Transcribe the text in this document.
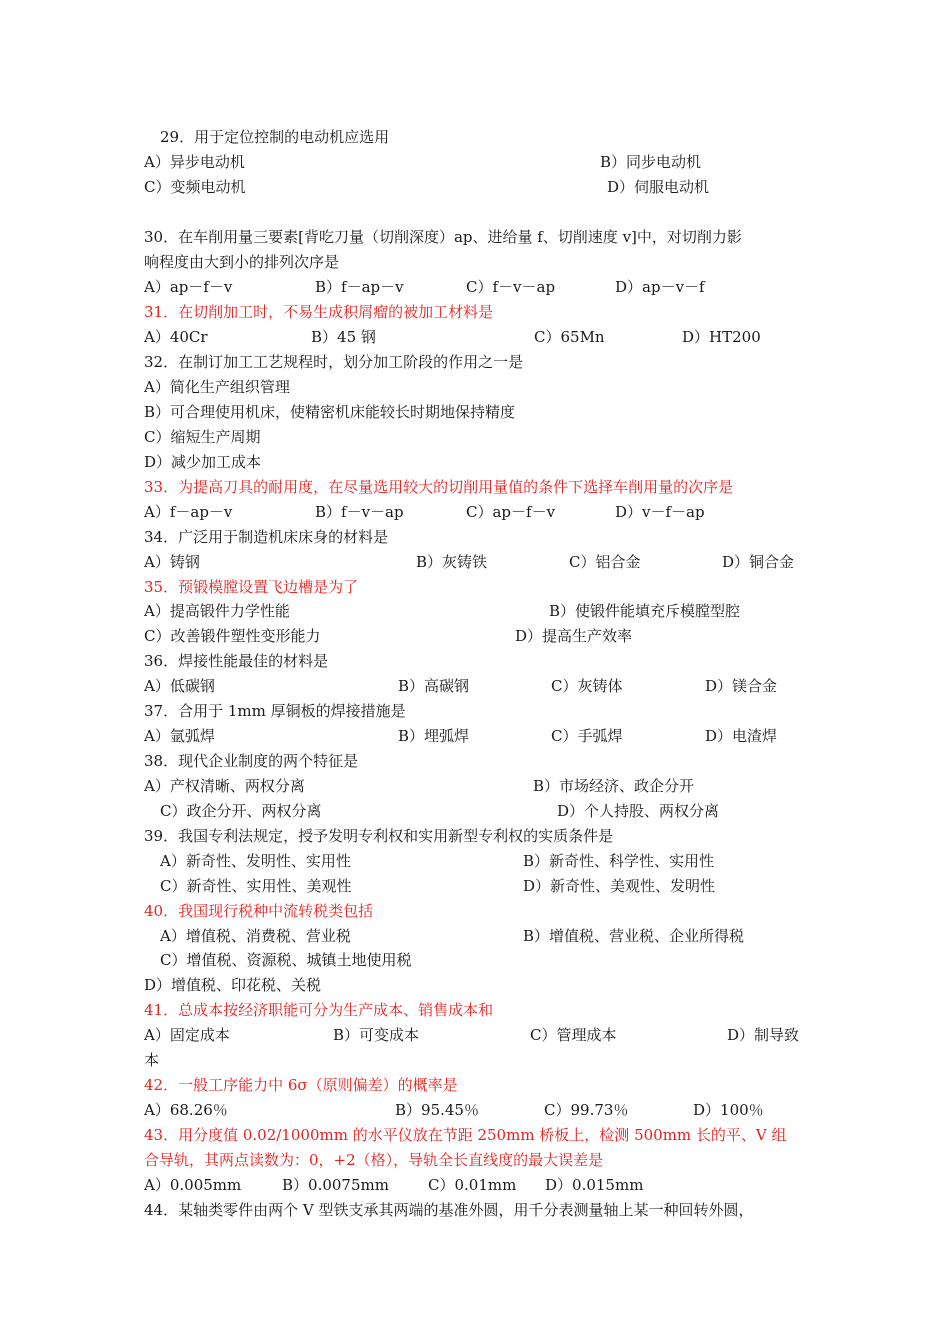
29．用于定位控制的电动机应选用
A）异步电动机	B）同步电动机
C）变频电动机	D）伺服电动机
30．在车削用量三要素[背吃刀量（切削深度）ap、进给量 f、切削速度 v]中，对切削力影
响程度由大到小的排列次序是
A）ap－f－v	B）f－ap－v	C）f－v－ap	D）ap－v－f
31．在切削加工时，不易生成积屑瘤的被加工材料是
A）40Cr	B）45 钢	C）65Mn	D）HT200
32．在制订加工工艺规程时，划分加工阶段的作用之一是
A）简化生产组织管理
B）可合理使用机床，使精密机床能较长时期地保持精度
C）缩短生产周期
D）减少加工成本
33．为提高刀具的耐用度，在尽量选用较大的切削用量值的条件下选择车削用量的次序是
A）f－ap－v	B）f－v－ap	C）ap－f－v	D）v－f－ap
34．广泛用于制造机床床身的材料是
A）铸钢	B）灰铸铁	C）铝合金	D）铜合金
35．预锻模膛设置飞边槽是为了
A）提高锻件力学性能	B）使锻件能填充斥模膛型腔
C）改善锻件塑性变形能力	D）提高生产效率
36．焊接性能最佳的材料是
A）低碳钢	B）高碳钢	C）灰铸体	D）镁合金
37．合用于 1mm 厚铜板的焊接措施是
A）氩弧焊	B）埋弧焊	C）手弧焊	D）电渣焊
38．现代企业制度的两个特征是
A）产权清晰、两权分离	B）市场经济、政企分开
C）政企分开、两权分离	D）个人持股、两权分离
39．我国专利法规定，授予发明专利权和实用新型专利权的实质条件是
A）新奇性、发明性、实用性	B）新奇性、科学性、实用性
C）新奇性、实用性、美观性	D）新奇性、美观性、发明性
40．我国现行税种中流转税类包括
A）增值税、消费税、营业税	B）增值税、营业税、企业所得税
C）增值税、资源税、城镇土地使用税
D）增值税、印花税、关税
41．总成本按经济职能可分为生产成本、销售成本和
A）固定成本	B）可变成本	C）管理成本	D）制导致
本
42．一般工序能力中 6σ（原则偏差）的概率是
A）68.26％	B）95.45％	C）99.73％	D）100％
43．用分度值 0.02/1000mm 的水平仪放在节距 250mm 桥板上，检测 500mm 长的平、V 组
合导轨，其两点读数为：0，+2（格），导轨全长直线度的最大误差是
A）0.005mm	B）0.0075mm	C）0.01mm D）0.015mm
44．某轴类零件由两个 V 型铁支承其两端的基准外圆，用千分表测量轴上某一种回转外圆，
